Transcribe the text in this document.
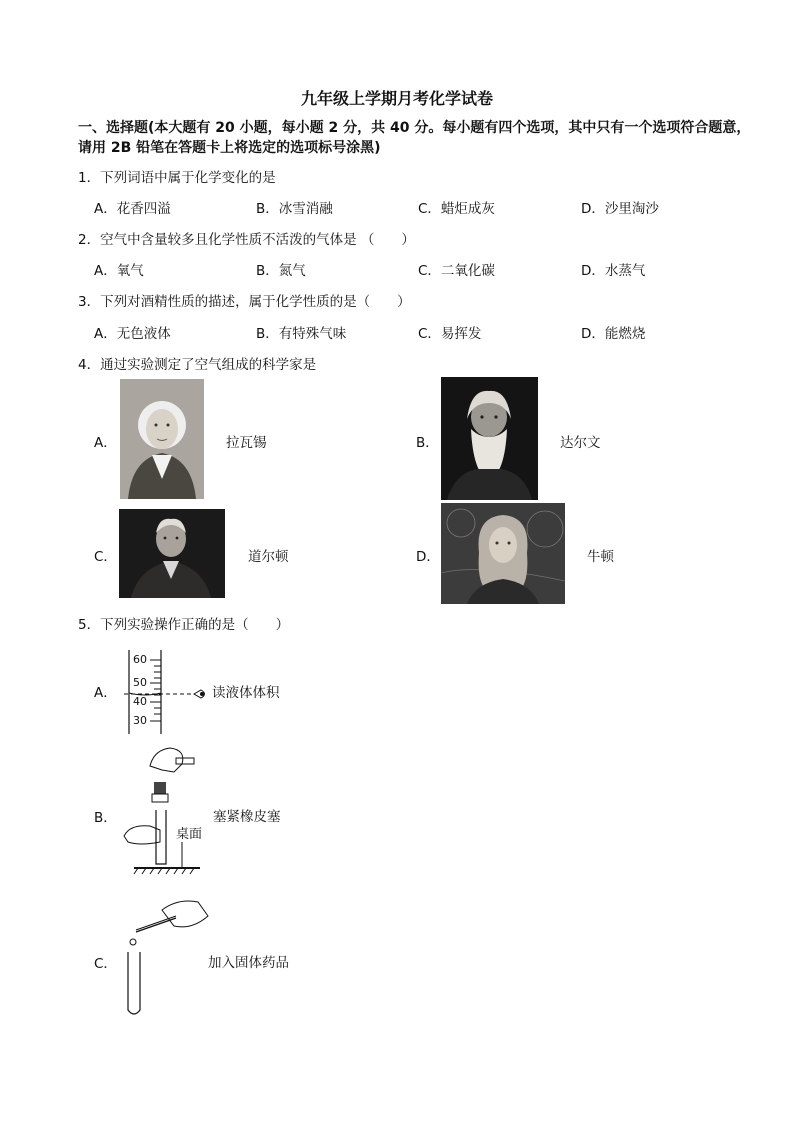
九年级上学期月考化学试卷
一、选择题(本大题有 20 小题，每小题 2 分，共 40 分。每小题有四个选项，其中只有一个选项符合题意，请用 2B 铅笔在答题卡上将选定的选项标号涂黑)
1．下列词语中属于化学变化的是
A．花香四溢	B．冰雪消融	C．蜡炬成灰	D．沙里淘沙
2．空气中含量较多且化学性质不活泼的气体是 （　　）
A．氧气	B．氮气	C．二氧化碳	D．水蒸气
3．下列对酒精性质的描述，属于化学性质的是（　　）
A．无色液体	B．有特殊气味	C．易挥发	D．能燃烧
4．通过实验测定了空气组成的科学家是
A．	拉瓦锡	B．	达尔文
C．	道尔顿	D．	牛顿
5．下列实验操作正确的是（　　）
A．
60
50
40
30
读液体体积
B．
桌面
塞紧橡皮塞
C．	加入固体药品
